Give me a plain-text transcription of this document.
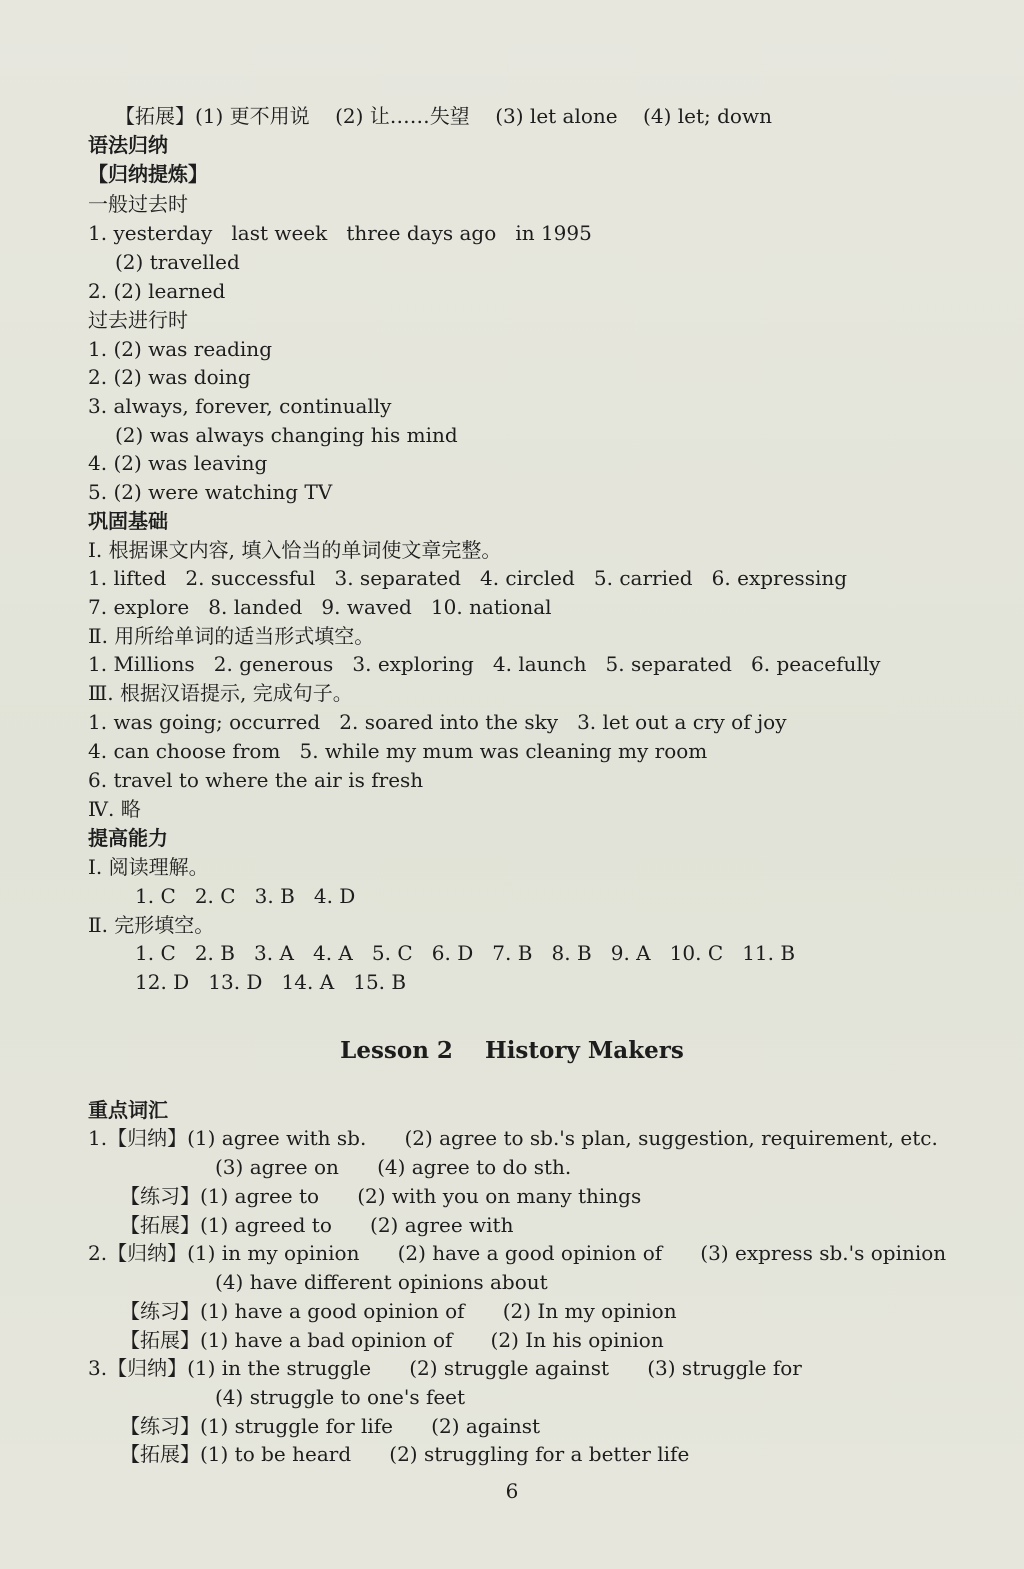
【拓展】(1) 更不用说    (2) 让……失望    (3) let alone    (4) let; down
语法归纳
【归纳提炼】
一般过去时
1. yesterday   last week   three days ago   in 1995
(2) travelled
2. (2) learned
过去进行时
1. (2) was reading
2. (2) was doing
3. always, forever, continually
(2) was always changing his mind
4. (2) was leaving
5. (2) were watching TV
巩固基础
Ⅰ. 根据课文内容, 填入恰当的单词使文章完整。
1. lifted   2. successful   3. separated   4. circled   5. carried   6. expressing
7. explore   8. landed   9. waved   10. national
Ⅱ. 用所给单词的适当形式填空。
1. Millions   2. generous   3. exploring   4. launch   5. separated   6. peacefully
Ⅲ. 根据汉语提示, 完成句子。
1. was going; occurred   2. soared into the sky   3. let out a cry of joy
4. can choose from   5. while my mum was cleaning my room
6. travel to where the air is fresh
Ⅳ. 略
提高能力
Ⅰ. 阅读理解。
1. C   2. C   3. B   4. D
Ⅱ. 完形填空。
1. C   2. B   3. A   4. A   5. C   6. D   7. B   8. B   9. A   10. C   11. B
12. D   13. D   14. A   15. B
Lesson 2    History Makers
重点词汇
1.【归纳】(1) agree with sb.      (2) agree to sb.'s plan, suggestion, requirement, etc.
(3) agree on      (4) agree to do sth.
【练习】(1) agree to      (2) with you on many things
【拓展】(1) agreed to      (2) agree with
2.【归纳】(1) in my opinion      (2) have a good opinion of      (3) express sb.'s opinion
(4) have different opinions about
【练习】(1) have a good opinion of      (2) In my opinion
【拓展】(1) have a bad opinion of      (2) In his opinion
3.【归纳】(1) in the struggle      (2) struggle against      (3) struggle for
(4) struggle to one's feet
【练习】(1) struggle for life      (2) against
【拓展】(1) to be heard      (2) struggling for a better life
6
